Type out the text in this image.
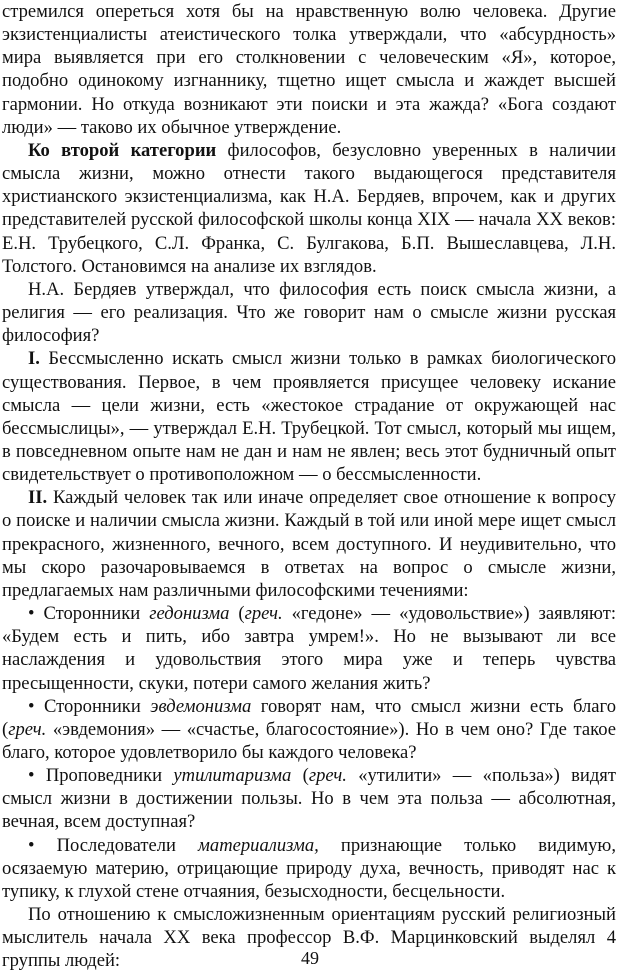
стремился опереться хотя бы на нравственную волю человека. Другие экзистенциалисты атеистического толка утверждали, что «абсурдность» мира выявляется при его столкновении с человеческим «Я», которое, подобно одинокому изгнаннику, тщетно ищет смысла и жаждет высшей гармонии. Но откуда возникают эти поиски и эта жажда? «Бога создают люди» — таково их обычное утверждение.

Ко второй категории философов, безусловно уверенных в наличии смысла жизни, можно отнести такого выдающегося представителя христианского экзистенциализма, как Н.А. Бердяев, впрочем, как и других представителей русской философской школы конца XIX — начала XX веков: Е.Н. Трубецкого, С.Л. Франка, С. Булгакова, Б.П. Вышеславцева, Л.Н. Толстого. Остановимся на анализе их взглядов.

Н.А. Бердяев утверждал, что философия есть поиск смысла жизни, а религия — его реализация. Что же говорит нам о смысле жизни русская философия?

I. Бессмысленно искать смысл жизни только в рамках биологического существования. Первое, в чем проявляется присущее человеку искание смысла — цели жизни, есть «жестокое страдание от окружающей нас бессмыслицы», — утверждал Е.Н. Трубецкой. Тот смысл, который мы ищем, в повседневном опыте нам не дан и нам не явлен; весь этот будничный опыт свидетельствует о противоположном — о бессмысленности.

II. Каждый человек так или иначе определяет свое отношение к вопросу о поиске и наличии смысла жизни. Каждый в той или иной мере ищет смысл прекрасного, жизненного, вечного, всем доступного. И неудивительно, что мы скоро разочаровываемся в ответах на вопрос о смысле жизни, предлагаемых нам различными философскими течениями:

• Сторонники гедонизма (греч. «гедоне» — «удовольствие») заявляют: «Будем есть и пить, ибо завтра умрем!». Но не вызывают ли все наслаждения и удовольствия этого мира уже и теперь чувства пресыщенности, скуки, потери самого желания жить?

• Сторонники эвдемонизма говорят нам, что смысл жизни есть благо (греч. «эвдемония» — «счастье, благосостояние»). Но в чем оно? Где такое благо, которое удовлетворило бы каждого человека?

• Проповедники утилитаризма (греч. «утилити» — «польза») видят смысл жизни в достижении пользы. Но в чем эта польза — абсолютная, вечная, всем доступная?

• Последователи материализма, признающие только видимую, осязаемую материю, отрицающие природу духа, вечность, приводят нас к тупику, к глухой стене отчаяния, безысходности, бесцельности.

По отношению к смысложизненным ориентациям русский религиозный мыслитель начала XX века профессор В.Ф. Марцинковский выделял 4 группы людей:	49
